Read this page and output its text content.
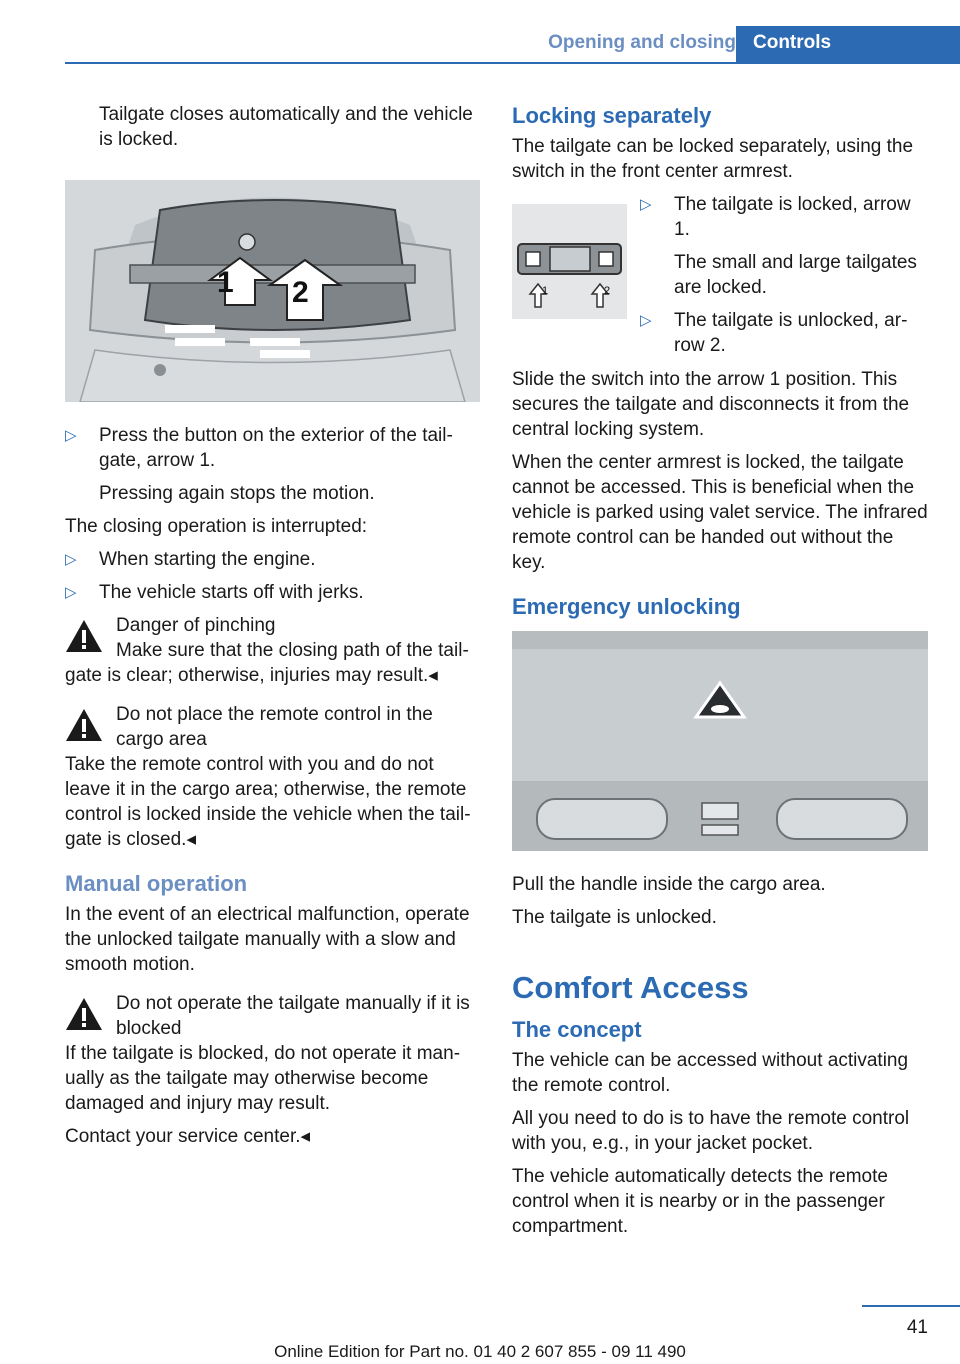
Opening and closing Controls

Tailgate closes automatically and the vehicle is locked.

1 2
▷ Press the button on the exterior of the tailgate, arrow 1.

Pressing again stops the motion.

The closing operation is interrupted:

▷ When starting the engine.
▷ The vehicle starts off with jerks.
Danger of pinching
Make sure that the closing path of the tailgate is clear; otherwise, injuries may result.◂
Do not place the remote control in the cargo area
Take the remote control with you and do not leave it in the cargo area; otherwise, the remote control is locked inside the vehicle when the tailgate is closed.◂
Manual operation

In the event of an electrical malfunction, operate the unlocked tailgate manually with a slow and smooth motion.

Do not operate the tailgate manually if it is blocked
If the tailgate is blocked, do not operate it manually as the tailgate may otherwise become damaged and injury may result.

Contact your service center.◂

Locking separately

The tailgate can be locked separately, using the switch in the front center armrest.

1	2
▷ The tailgate is locked, arrow 1.

The small and large tailgates are locked.

▷ The tailgate is unlocked, arrow 2.

Slide the switch into the arrow 1 position. This secures the tailgate and disconnects it from the central locking system.

When the center armrest is locked, the tailgate cannot be accessed. This is beneficial when the vehicle is parked using valet service. The infrared remote control can be handed out without the key.

Emergency unlocking

Pull the handle inside the cargo area.

The tailgate is unlocked.

Comfort Access
The concept

The vehicle can be accessed without activating the remote control.

All you need to do is to have the remote control with you, e.g., in your jacket pocket.

The vehicle automatically detects the remote control when it is nearby or in the passenger compartment.

41
Online Edition for Part no. 01 40 2 607 855 - 09 11 490
